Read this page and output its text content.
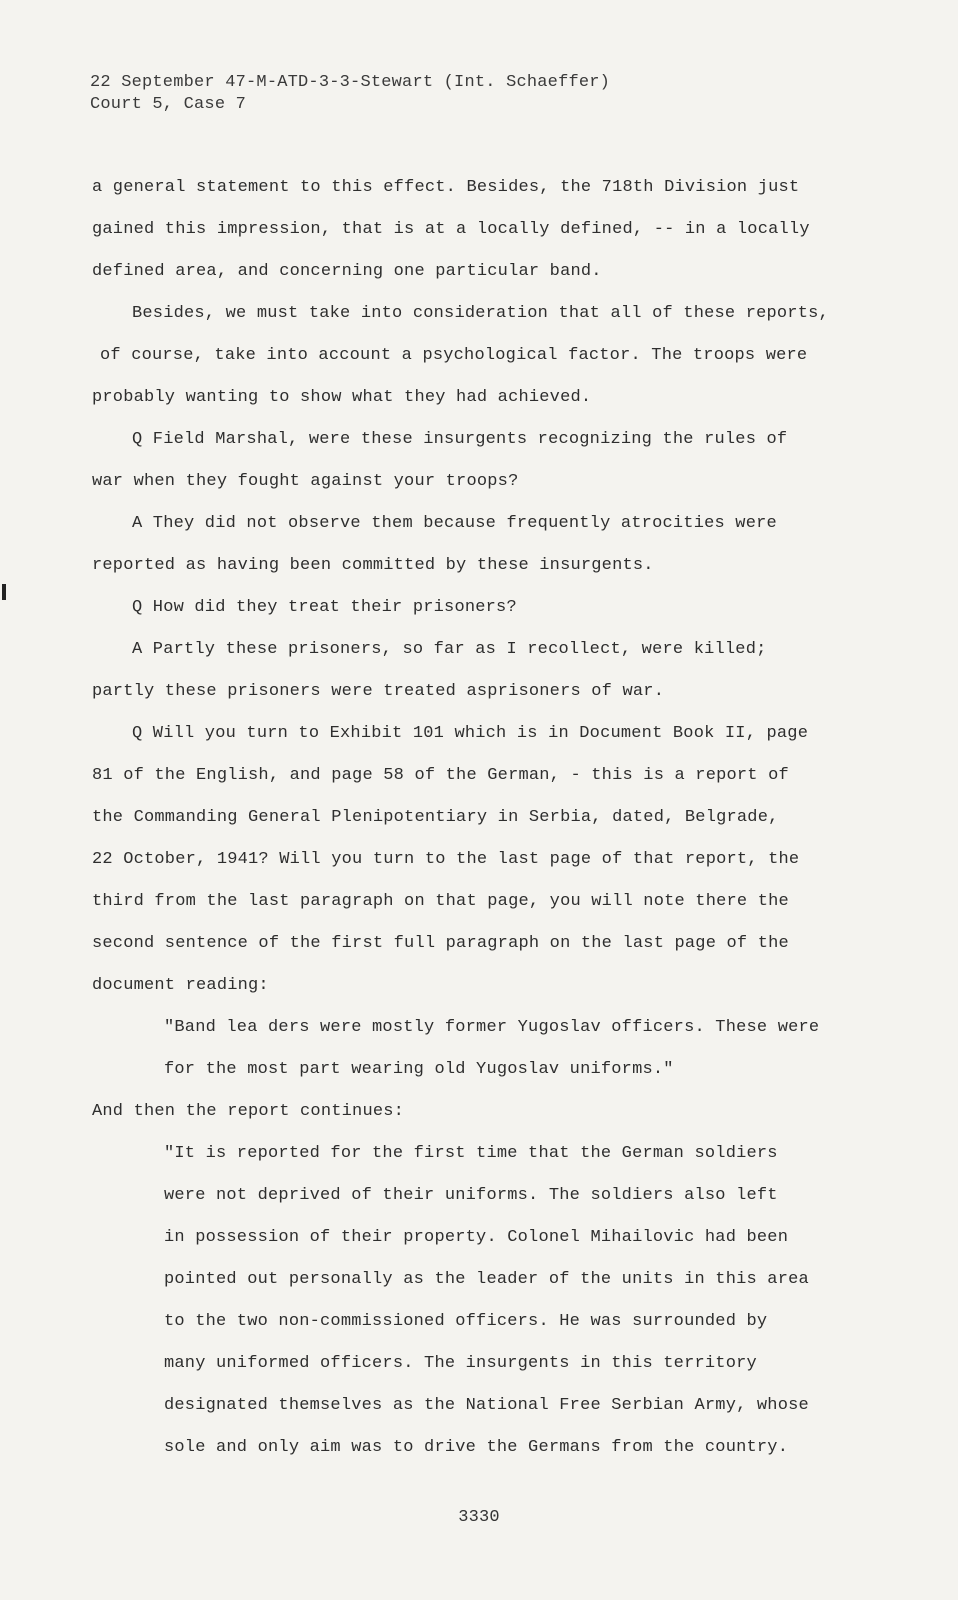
22 September 47-M-ATD-3-3-Stewart (Int. Schaeffer)
Court 5, Case 7
a general statement to this effect. Besides, the 718th Division just
gained this impression, that is at a locally defined, -- in a locally
defined area, and concerning one particular band.
Besides, we must take into consideration that all of these reports,
of course, take into account a psychological factor. The troops were
probably wanting to show what they had achieved.
Q Field Marshal, were these insurgents recognizing the rules of
war when they fought against your troops?
A They did not observe them because frequently atrocities were
reported as having been committed by these insurgents.
Q How did they treat their prisoners?
A Partly these prisoners, so far as I recollect, were killed;
partly these prisoners were treated asprisoners of war.
Q Will you turn to Exhibit 101 which is in Document Book II, page
81 of the English, and page 58 of the German, - this is a report of
the Commanding General Plenipotentiary in Serbia, dated, Belgrade,
22 October, 1941? Will you turn to the last page of that report, the
third from the last paragraph on that page, you will note there the
second sentence of the first full paragraph on the last page of the
document reading:
"Band lea ders were mostly former Yugoslav officers. These were
for the most part wearing old Yugoslav uniforms."
And then the report continues:
"It is reported for the first time that the German soldiers
were not deprived of their uniforms. The soldiers also left
in possession of their property. Colonel Mihailovic had been
pointed out personally as the leader of the units in this area
to the two non-commissioned officers. He was surrounded by
many uniformed officers. The insurgents in this territory
designated themselves as the National Free Serbian Army, whose
sole and only aim was to drive the Germans from the country.
3330
